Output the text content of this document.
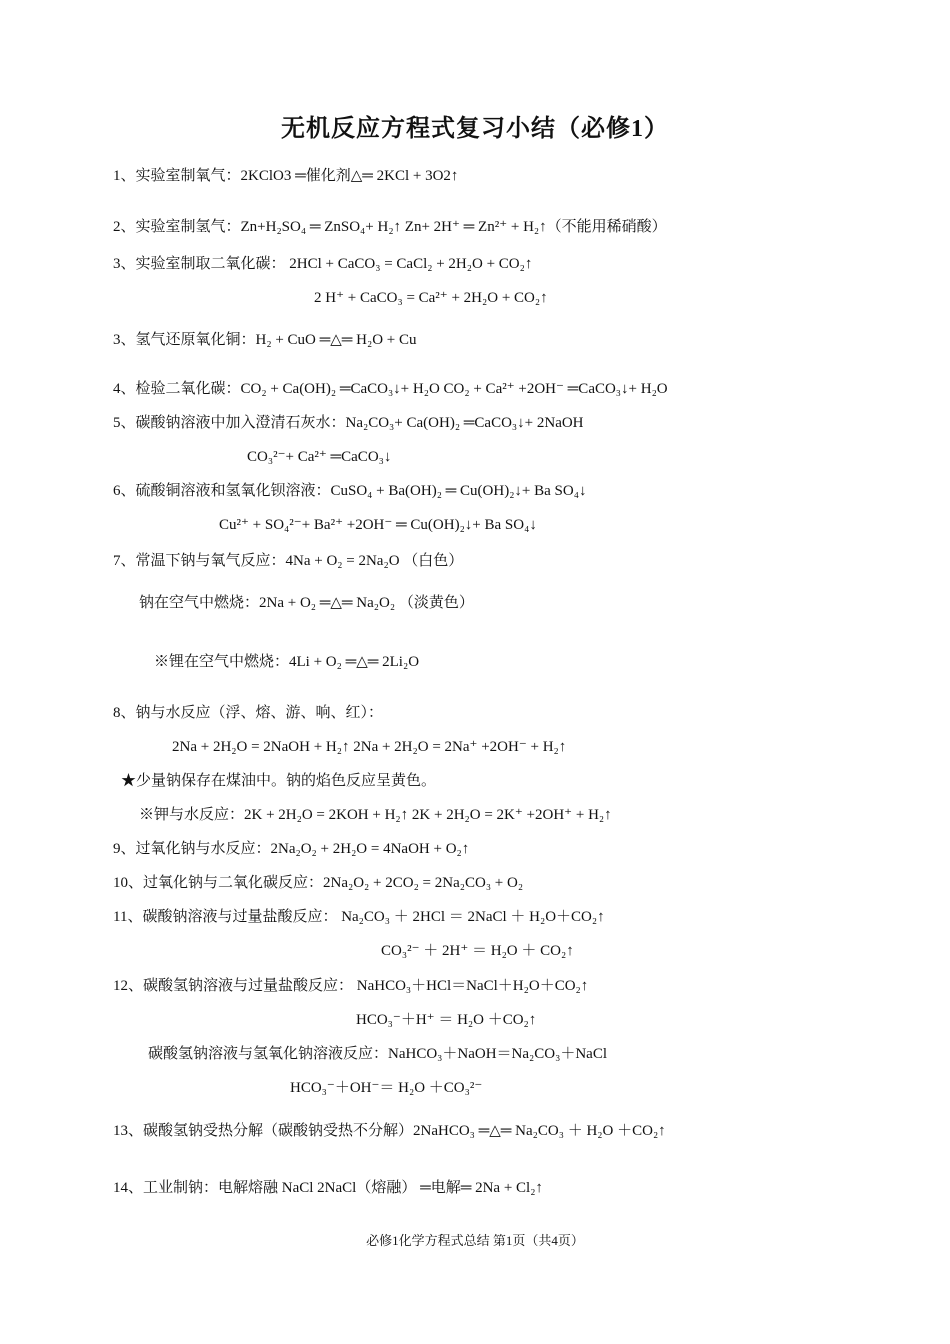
无机反应方程式复习小结（必修1）
1、实验室制氧气：2KClO3 ═催化剂△═ 2KCl + 3O2↑
2、实验室制氢气：Zn+H₂SO₄ ═ ZnSO₄+ H₂↑ Zn+ 2H⁺ ═ Zn²⁺ + H₂↑（不能用稀硝酸）
3、实验室制取二氧化碳： 2HCl + CaCO₃ = CaCl₂ + 2H₂O + CO₂↑
2 H⁺ + CaCO₃ = Ca²⁺ + 2H₂O + CO₂↑
3、氢气还原氧化铜：H₂ + CuO ═△═ H₂O + Cu
4、检验二氧化碳：CO₂ + Ca(OH)₂ ═CaCO₃↓+ H₂O CO₂ + Ca²⁺ +2OH⁻ ═CaCO₃↓+ H₂O
5、碳酸钠溶液中加入澄清石灰水：Na₂CO₃+ Ca(OH)₂ ═CaCO₃↓+ 2NaOH
CO₃²⁻+ Ca²⁺ ═CaCO₃↓
6、硫酸铜溶液和氢氧化钡溶液：CuSO₄ + Ba(OH)₂ ═ Cu(OH)₂↓+ Ba SO₄↓
Cu²⁺ + SO₄²⁻+ Ba²⁺ +2OH⁻ ═ Cu(OH)₂↓+ Ba SO₄↓
7、常温下钠与氧气反应：4Na + O₂ = 2Na₂O （白色）
钠在空气中燃烧：2Na + O₂ ═△═ Na₂O₂ （淡黄色）
※锂在空气中燃烧：4Li + O₂ ═△═ 2Li₂O
8、钠与水反应（浮、熔、游、响、红）：
2Na + 2H₂O = 2NaOH + H₂↑ 2Na + 2H₂O = 2Na⁺ +2OH⁻ + H₂↑
★少量钠保存在煤油中。钠的焰色反应呈黄色。
※钾与水反应：2K + 2H₂O = 2KOH + H₂↑ 2K + 2H₂O = 2K⁺ +2OH⁺ + H₂↑
9、过氧化钠与水反应：2Na₂O₂ + 2H₂O = 4NaOH + O₂↑
10、过氧化钠与二氧化碳反应：2Na₂O₂ + 2CO₂ = 2Na₂CO₃ + O₂
11、碳酸钠溶液与过量盐酸反应： Na₂CO₃ ＋ 2HCl ＝ 2NaCl ＋ H₂O＋CO₂↑
CO₃²⁻ ＋ 2H⁺ ＝ H₂O ＋ CO₂↑
12、碳酸氢钠溶液与过量盐酸反应： NaHCO₃＋HCl＝NaCl＋H₂O＋CO₂↑
HCO₃⁻＋H⁺ ＝ H₂O ＋CO₂↑
碳酸氢钠溶液与氢氧化钠溶液反应：NaHCO₃＋NaOH＝Na₂CO₃＋NaCl
HCO₃⁻＋OH⁻＝ H₂O ＋CO₃²⁻
13、碳酸氢钠受热分解（碳酸钠受热不分解）2NaHCO₃ ═△═ Na₂CO₃ ＋ H₂O ＋CO₂↑
14、工业制钠：电解熔融 NaCl 2NaCl（熔融） ═电解═ 2Na + Cl₂↑
必修1化学方程式总结 第1页（共4页）
